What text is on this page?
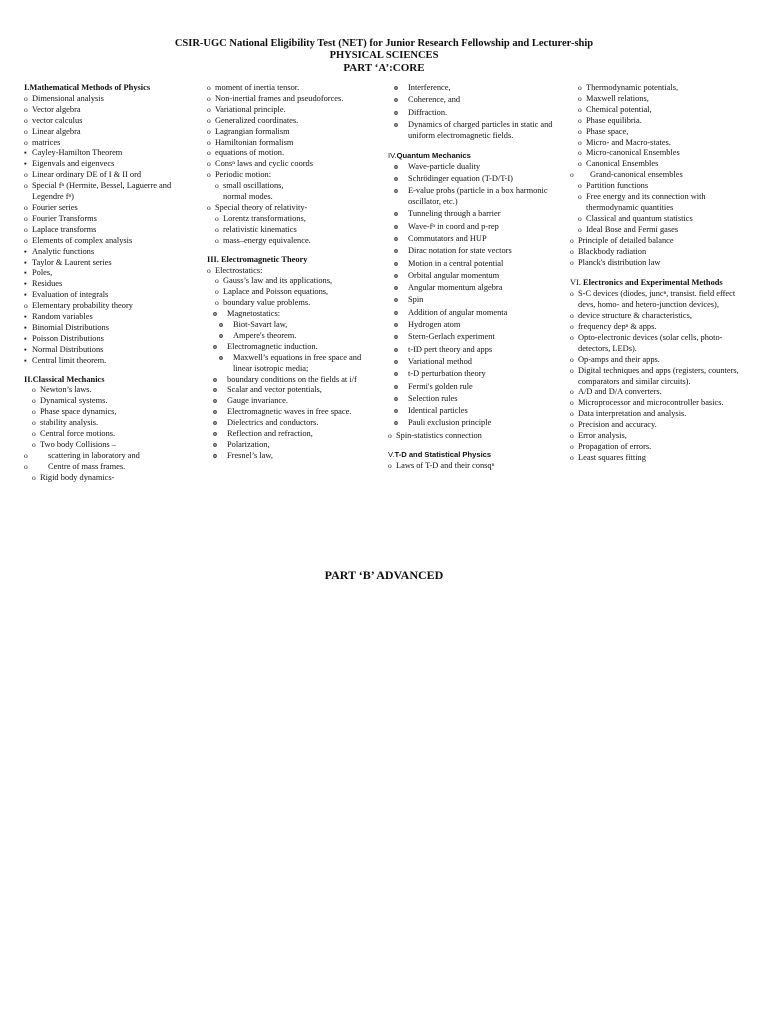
CSIR-UGC National Eligibility Test (NET) for Junior Research Fellowship and Lecturer-ship
PHYSICAL SCIENCES
PART ‘A’:CORE

I.Mathematical Methods of Physics

o Dimensional analysis
o Vector algebra
o vector calculus
o Linear algebra
o matrices
▪ Cayley-Hamilton Theorem
▪ Eigenvals and eigenvecs
o Linear ordinary DE of I & II ord
o Special fⁿ (Hermite, Bessel, Laguerre and Legendre fⁿ)
o Fourier series
o Fourier Transforms
o Laplace transforms
o Elements of complex analysis
▪ Analytic functions
▪ Taylor & Laurent series
▪ Poles,
▪ Residues
▪ Evaluation of integrals
o Elementary probability theory
▪ Random variables
▪ Binomial Distributions
▪ Poisson Distributions
▪ Normal Distributions
▪ Central limit theorem.

II.Classical Mechanics

o Newton’s laws.
o Dynamical systems.
o Phase space dynamics,
o stability analysis.
o Central force motions.
o Two body Collisions –
o scattering in laboratory and
o Centre of mass frames.
o Rigid body dynamics-
o moment of inertia tensor.
o Non-inertial frames and pseudoforces.
o Variational principle.
o Generalized coordinates.
o Lagrangian formalism
o Hamiltonian formalism
o equations of motion.
o Consⁿ laws and cyclic coords
o Periodic motion:
o small oscillations,
normal modes.
o Special theory of relativity-
o Lorentz transformations,
o relativistic kinematics
o mass–energy equivalence.

III. Electromagnetic Theory

o Electrostatics:
o Gauss’s law and its applications,
o Laplace and Poisson equations,
o boundary value problems.
o Magnetostatics:
o Biot-Savart law,
o Ampere's theorem.
o Electromagnetic induction.
o Maxwell’s equations in free space and linear isotropic media;
o boundary conditions on the fields at i/f
o Scalar and vector potentials,
o Gauge invariance.
o Electromagnetic waves in free space.
o Dielectrics and conductors.
o Reflection and refraction,
o Polarization,
o Fresnel’s law,
o Interference,
o Coherence, and
o Diffraction.
o Dynamics of charged particles in static and uniform electromagnetic fields.

IV.Quantum Mechanics

o Wave-particle duality
o Schrödinger equation (T-D/T-I)
o E-value probs (particle in a box harmonic oscillator, etc.)
o Tunneling through a barrier
o Wave-fⁿ in coord and p-rep
o Commutators and HUP
o Dirac notation for state vectors
o Motion in a central potential
o Orbital angular momentum
o Angular momentum algebra
o Spin
o Addition of angular momenta
o Hydrogen atom
o Stern-Gerlach experiment
o t-ID pert theory and apps
o Variational method
o t-D perturbation theory
o Fermi's golden rule
o Selection rules
o Identical particles
o Pauli exclusion principle
o Spin-statistics connection

V.T-D and Statistical Physics

o Laws of T-D and their consqⁿ
o Thermodynamic potentials,
o Maxwell relations,
o Chemical potential,
o Phase equilibria.
o Phase space,
o Micro- and Macro-states.
o Micro-canonical Ensembles
o Canonical Ensembles
o Grand-canonical ensembles
o Partition functions
o Free energy and its connection with thermodynamic quantities
o Classical and quantum statistics
o Ideal Bose and Fermi gases
o Principle of detailed balance
o Blackbody radiation
o Planck's distribution law

VI. Electronics and Experimental Methods

o S-C devices (diodes, juncⁿ, transist. field effect devs, homo- and hetero-junction devices),
o device structure & characteristics,
o frequency depⁿ & apps.
o Opto-electronic devices (solar cells, photo-detectors, LEDs).
o Op-amps and their apps.
o Digital techniques and apps (registers, counters, comparators and similar circuits).
o A/D and D/A converters.
o Microprocessor and microcontroller basics.
o Data interpretation and analysis.
o Precision and accuracy.
o Error analysis,
o Propagation of errors.
o Least squares fitting
PART ‘B’ ADVANCED
